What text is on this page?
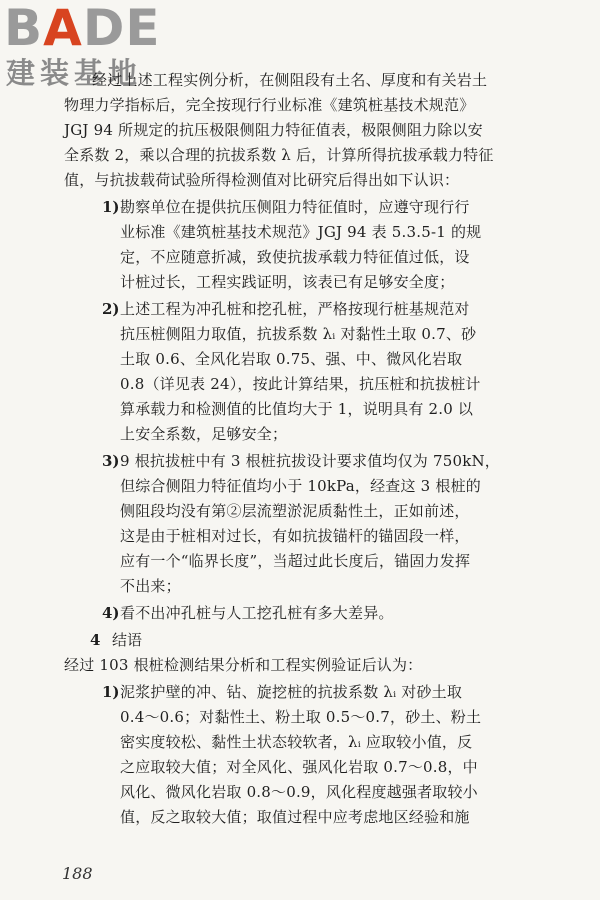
BADE
建装基地
经过上述工程实例分析，在侧阻段有土名、厚度和有关岩土
物理力学指标后，完全按现行行业标准《建筑桩基技术规范》
JGJ 94 所规定的抗压极限侧阻力特征值表，极限侧阻力除以安
全系数 2，乘以合理的抗拔系数 λ 后，计算所得抗拔承载力特征
值，与抗拔载荷试验所得检测值对比研究后得出如下认识：
1) 勘察单位在提供抗压侧阻力特征值时，应遵守现行行
业标准《建筑桩基技术规范》JGJ 94 表 5.3.5-1 的规
定，不应随意折减，致使抗拔承载力特征值过低，设
计桩过长，工程实践证明，该表已有足够安全度；
2) 上述工程为冲孔桩和挖孔桩，严格按现行桩基规范对
抗压桩侧阻力取值，抗拔系数 λᵢ 对黏性土取 0.7、砂
土取 0.6、全风化岩取 0.75、强、中、微风化岩取
0.8（详见表 24），按此计算结果，抗压桩和抗拔桩计
算承载力和检测值的比值均大于 1，说明具有 2.0 以
上安全系数，足够安全；
3) 9 根抗拔桩中有 3 根桩抗拔设计要求值均仅为 750kN，
但综合侧阻力特征值均小于 10kPa，经查这 3 根桩的
侧阻段均没有第②层流塑淤泥质黏性土，正如前述，
这是由于桩相对过长，有如抗拔锚杆的锚固段一样，
应有一个“临界长度”，当超过此长度后，锚固力发挥
不出来；
4) 看不出冲孔桩与人工挖孔桩有多大差异。
4 结语
经过 103 根桩检测结果分析和工程实例验证后认为：
1) 泥浆护壁的冲、钻、旋挖桩的抗拔系数 λᵢ 对砂土取
0.4～0.6；对黏性土、粉土取 0.5～0.7，砂土、粉土
密实度较松、黏性土状态较软者，λᵢ 应取较小值，反
之应取较大值；对全风化、强风化岩取 0.7～0.8，中
风化、微风化岩取 0.8～0.9，风化程度越强者取较小
值，反之取较大值；取值过程中应考虑地区经验和施
188
